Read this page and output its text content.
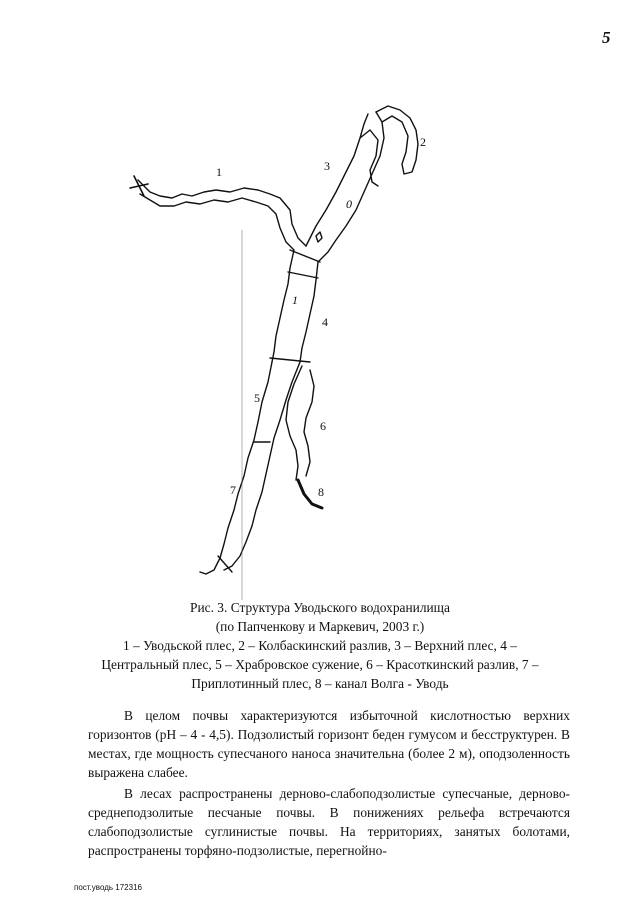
5
1
2
3
0
1
4
5
6
7	8
Рис. 3. Структура Уводьского водохранилища
(по Папченкову и Маркевич, 2003 г.)
1 – Уводьской плес, 2 – Колбаскинский разлив, 3 – Верхний плес, 4 –
Центральный плес, 5 – Храбровское сужение, 6 – Красоткинский разлив, 7 –
Приплотинный плес, 8 – канал Волга - Уводь

В целом почвы характеризуются избыточной кислотностью верхних горизонтов (рН – 4 - 4,5). Подзолистый горизонт беден гумусом и бесструктурен. В местах, где мощность супесчаного наноса значительна (более 2 м), оподзоленность выражена слабее.

В лесах распространены дерново-слабоподзолистые супесчаные, дерново-среднеподзолитые песчаные почвы. В понижениях рельефа встречаются слабоподзолистые суглинистые почвы. На территориях, занятых болотами, распространены торфяно-подзолистые, перегнойно-

пост.уводь 172316
